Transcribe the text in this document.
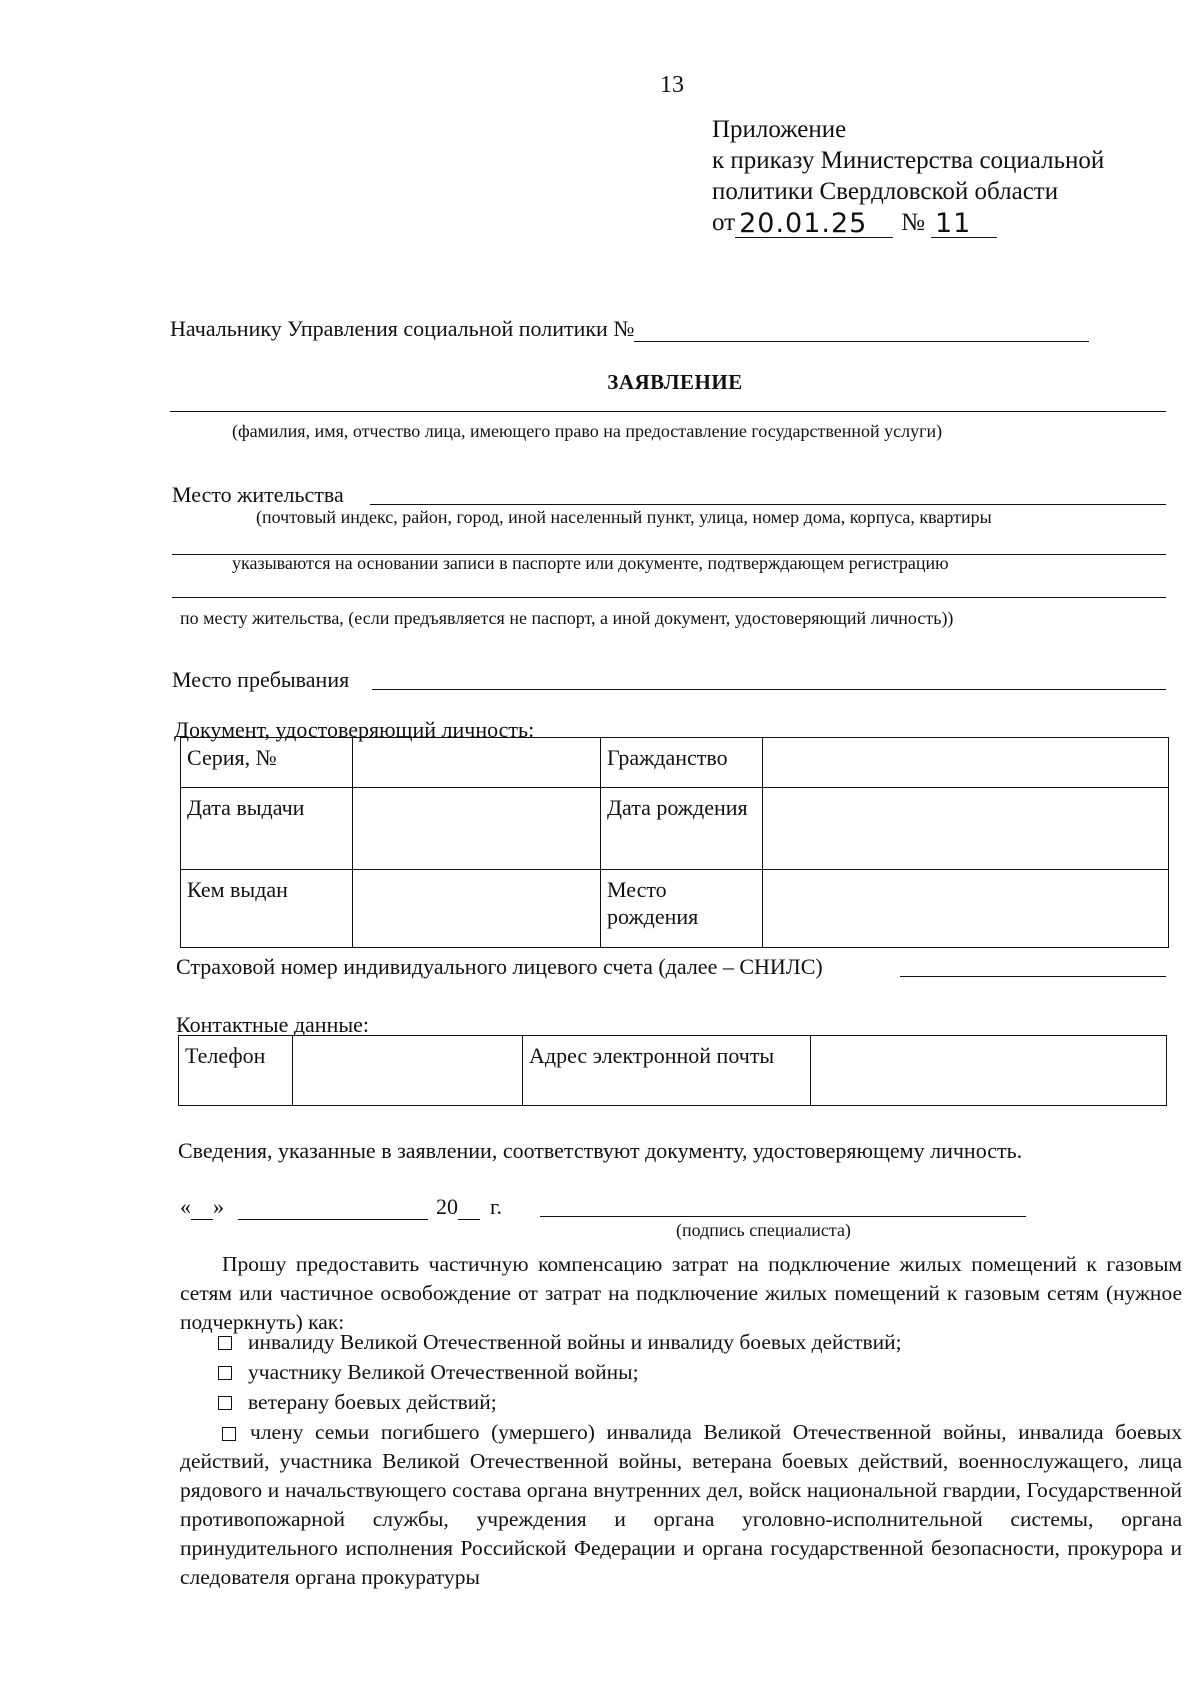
13
Приложение
к приказу Министерства социальной
политики Свердловской области
от 20.01.25	№ 11
Начальнику Управления социальной политики №
ЗАЯВЛЕНИЕ
(фамилия, имя, отчество лица, имеющего право на предоставление государственной услуги)
Место жительства
(почтовый индекс, район, город, иной населенный пункт, улица, номер дома, корпуса, квартиры
указываются на основании записи в паспорте или документе, подтверждающем регистрацию
по месту жительства, (если предъявляется не паспорт, а иной документ, удостоверяющий личность))
Место пребывания
Документ, удостоверяющий личность:
Серия, №		Гражданство	
Дата выдачи		Дата рождения	
Кем выдан		Место рождения	
Страховой номер индивидуального лицевого счета (далее – СНИЛС)
Контактные данные:
Телефон		Адрес электронной почты	
Сведения, указанные в заявлении, соответствуют документу, удостоверяющему личность.
« »	20 г.
(подпись специалиста)
Прошу предоставить частичную компенсацию затрат на подключение жилых помещений к газовым сетям или частичное освобождение от затрат на подключение жилых помещений к газовым сетям (нужное подчеркнуть) как:
инвалиду Великой Отечественной войны и инвалиду боевых действий;
участнику Великой Отечественной войны;
ветерану боевых действий;
члену семьи погибшего (умершего) инвалида Великой Отечественной войны, инвалида боевых действий, участника Великой Отечественной войны, ветерана боевых действий, военнослужащего, лица рядового и начальствующего состава органа внутренних дел, войск национальной гвардии, Государственной противопожарной службы, учреждения и органа уголовно-исполнительной системы, органа принудительного исполнения Российской Федерации и органа государственной безопасности, прокурора и следователя органа прокуратуры
